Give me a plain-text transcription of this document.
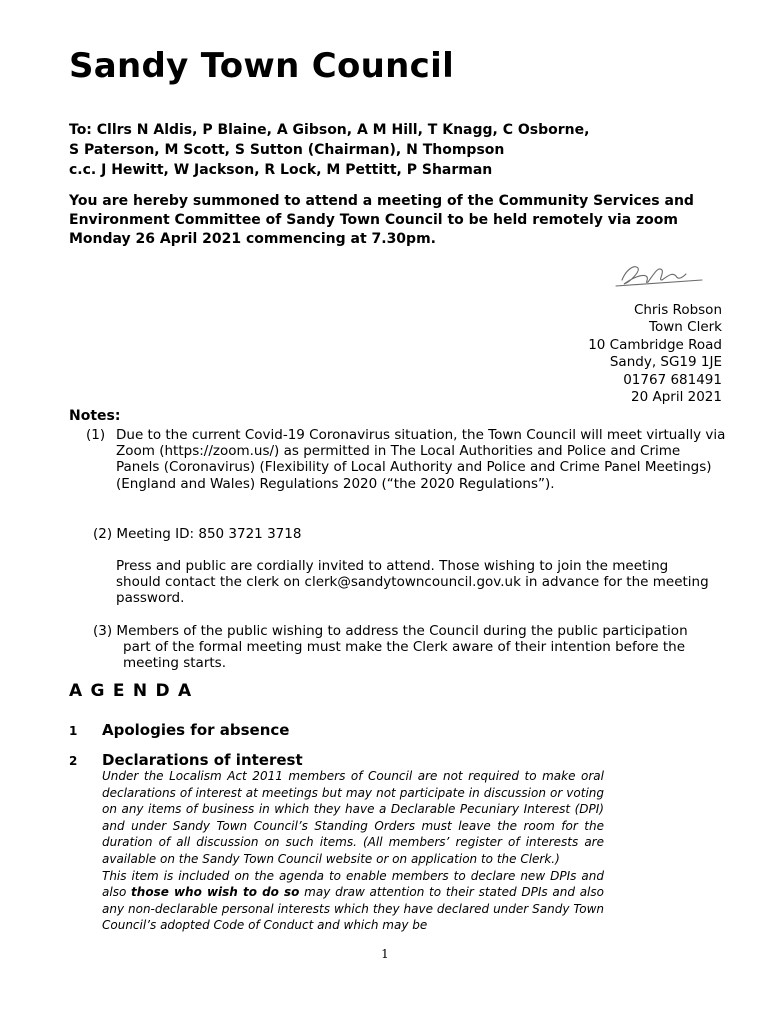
Sandy Town Council
To: Cllrs N Aldis, P Blaine, A Gibson, A M Hill, T Knagg, C Osborne,
S Paterson, M Scott, S Sutton (Chairman), N Thompson
c.c. J Hewitt, W Jackson, R Lock, M Pettitt, P Sharman
You are hereby summoned to attend a meeting of the Community Services and Environment Committee of Sandy Town Council to be held remotely via zoom Monday 26 April 2021 commencing at 7.30pm.
Chris Robson
Town Clerk
10 Cambridge Road
Sandy, SG19 1JE
01767 681491
20 April 2021
Notes:
(1) Due to the current Covid-19 Coronavirus situation, the Town Council will meet virtually via Zoom (https://zoom.us/) as permitted in The Local Authorities and Police and Crime Panels (Coronavirus) (Flexibility of Local Authority and Police and Crime Panel Meetings) (England and Wales) Regulations 2020 (“the 2020 Regulations”).
(2) Meeting ID: 850 3721 3718
Press and public are cordially invited to attend. Those wishing to join the meeting should contact the clerk on clerk@sandytowncouncil.gov.uk in advance for the meeting password.
(3) Members of the public wishing to address the Council during the public participation
part of the formal meeting must make the Clerk aware of their intention before the meeting starts.
AGENDA
1 Apologies for absence
2 Declarations of interest

Under the Localism Act 2011 members of Council are not required to make oral declarations of interest at meetings but may not participate in discussion or voting on any items of business in which they have a Declarable Pecuniary Interest (DPI) and under Sandy Town Council’s Standing Orders must leave the room for the duration of all discussion on such items. (All members’ register of interests are available on the Sandy Town Council website or on application to the Clerk.)

This item is included on the agenda to enable members to declare new DPIs and also those who wish to do so may draw attention to their stated DPIs and also any non-declarable personal interests which they have declared under Sandy Town Council’s adopted Code of Conduct and which may be

1
